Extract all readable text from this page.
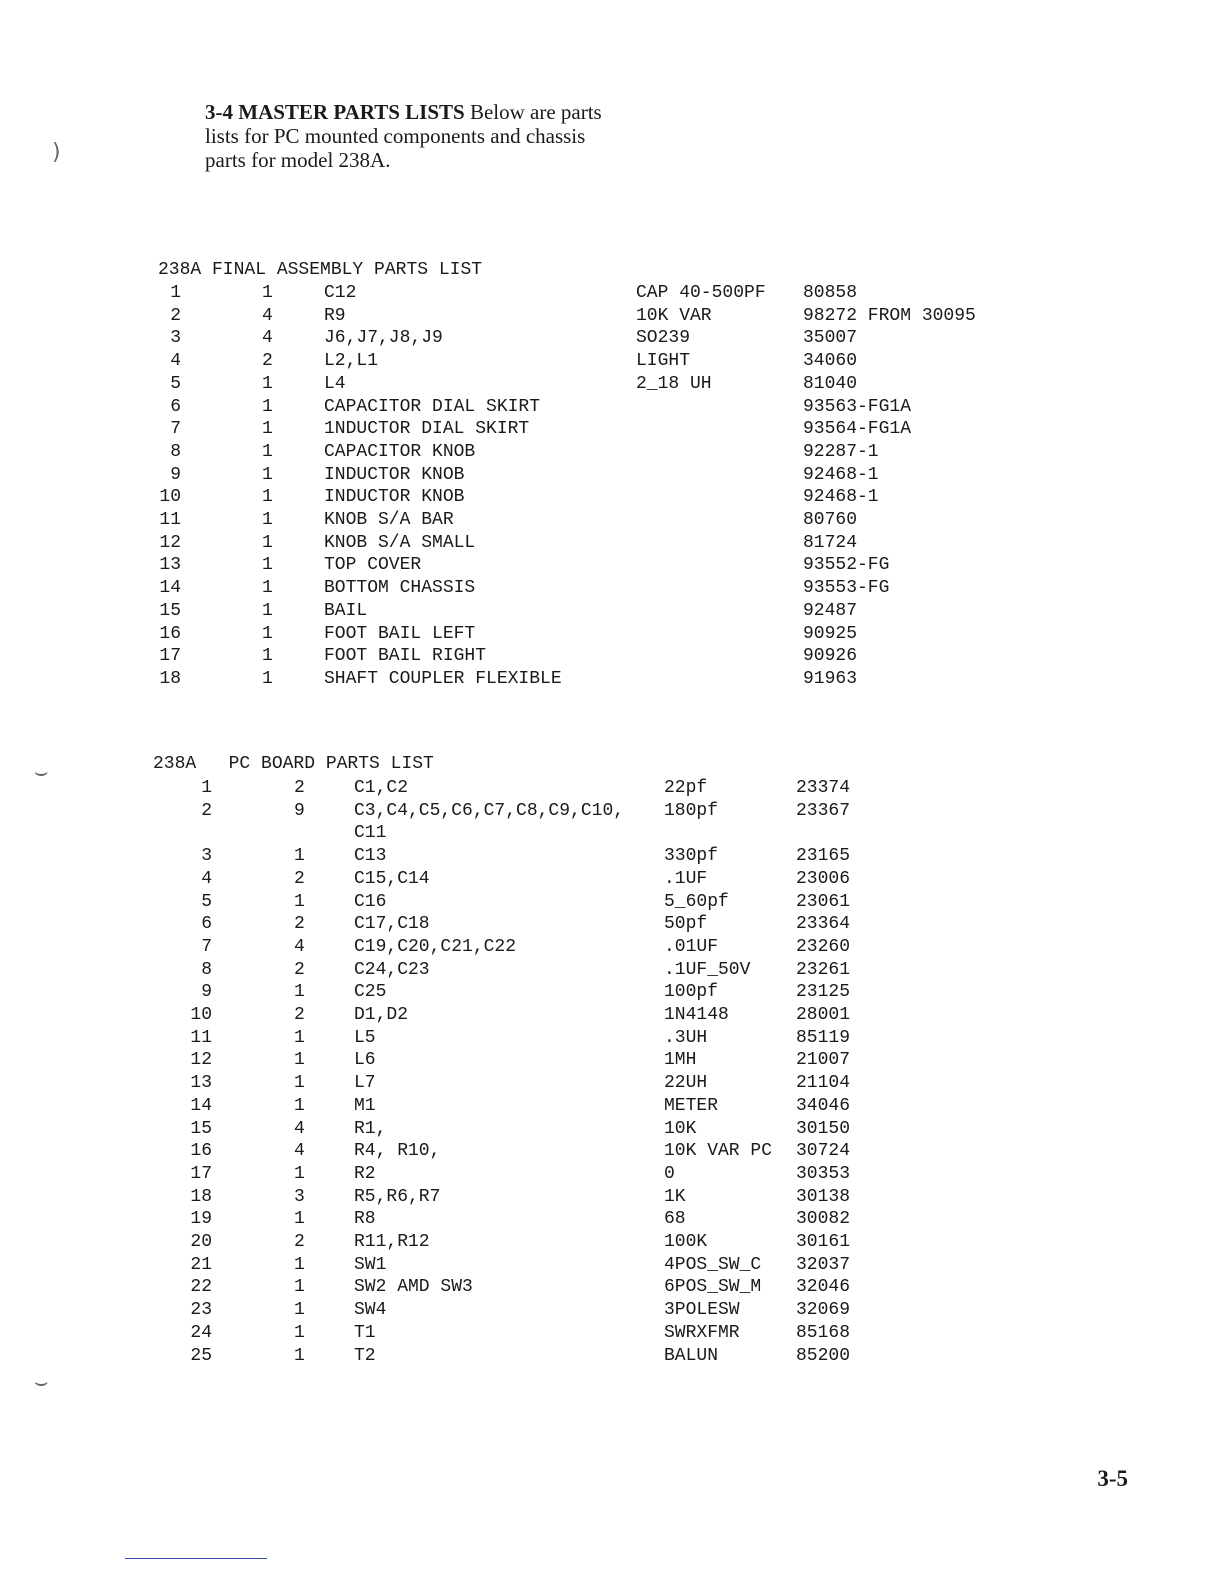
3-4 MASTER PARTS LISTS Below are parts lists for PC mounted components and chassis parts for model 238A.
238A FINAL ASSEMBLY PARTS LIST
1	1	C12	CAP 40-500PF 80858
2	4	R9	10K VAR	98272 FROM 30095
3	4	J6,J7,J8,J9	SO239	35007
4	2	L2,L1	LIGHT	34060
5	1	L4	2_18 UH	81040
6	1	CAPACITOR DIAL SKIRT	93563-FG1A
7	1	1NDUCTOR DIAL SKIRT	93564-FG1A
8	1	CAPACITOR KNOB	92287-1
9	1	INDUCTOR KNOB	92468-1
10	1	INDUCTOR KNOB	92468-1
11	1	KNOB S/A BAR	80760
12	1	KNOB S/A SMALL	81724
13	1	TOP COVER	93552-FG
14	1	BOTTOM CHASSIS	93553-FG
15	1	BAIL	92487
16	1	FOOT BAIL LEFT	90925
17	1	FOOT BAIL RIGHT	90926
18	1	SHAFT COUPLER FLEXIBLE	91963
238A   PC BOARD PARTS LIST
1	2	C1,C2	22pf	23374
2	9	C3,C4,C5,C6,C7,C8,C9,C10, 180pf	23367
C11
3	1	C13	330pf	23165
4	2	C15,C14	.1UF	23006
5	1	C16	5_60pf	23061
6	2	C17,C18	50pf	23364
7	4	C19,C20,C21,C22	.01UF	23260
8	2	C24,C23	.1UF_50V	23261
9	1	C25	100pf	23125
10	2	D1,D2	1N4148	28001
11	1	L5	.3UH	85119
12	1	L6	1MH	21007
13	1	L7	22UH	21104
14	1	M1	METER	34046
15	4	R1,	10K	30150
16	4	R4, R10,	10K VAR PC 30724
17	1	R2	0	30353
18	3	R5,R6,R7	1K	30138
19	1	R8	68	30082
20	2	R11,R12	100K	30161
21	1	SW1	4POS_SW_C 32037
22	1	SW2 AMD SW3	6POS_SW_M 32046
23	1	SW4	3POLESW	32069
24	1	T1	SWRXFMR	85168
25	1	T2	BALUN	85200
3-5
)
⌣
⌣
